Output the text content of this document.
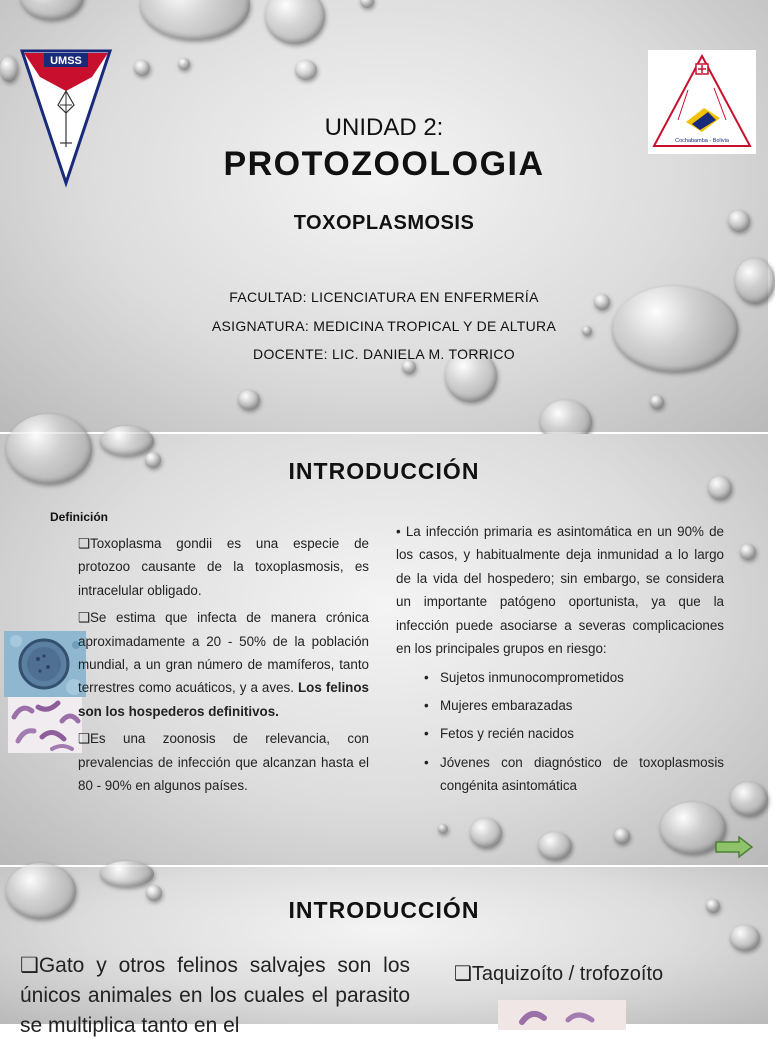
UMSS
Cochabamba - Bolivia
UNIDAD 2:
PROTOZOOLOGIA
TOXOPLASMOSIS
FACULTAD: LICENCIATURA EN ENFERMERÍA
ASIGNATURA: MEDICINA TROPICAL Y DE ALTURA
DOCENTE: LIC. DANIELA M. TORRICO
INTRODUCCIÓN
Definición
❑Toxoplasma gondii es una especie de protozoo causante de la toxoplasmosis, es intracelular obligado.
❑Se estima que infecta de manera crónica aproximadamente a 20 - 50% de la población mundial, a un gran número de mamíferos, tanto terrestres como acuáticos, y a aves. Los felinos son los hospederos definitivos.
❑Es una zoonosis de relevancia, con prevalencias de infección que alcanzan hasta el 80 - 90% en algunos países.
• La infección primaria es asintomática en un 90% de los casos, y habitualmente deja inmunidad a lo largo de la vida del hospedero; sin embargo, se considera un importante patógeno oportunista, ya que la infección puede asociarse a severas complicaciones en los principales grupos en riesgo:
• Sujetos inmunocomprometidos
• Mujeres embarazadas
• Fetos y recién nacidos
• Jóvenes con diagnóstico de toxoplasmosis congénita asintomática
INTRODUCCIÓN
❑Gato y otros felinos salvajes son los únicos animales en los cuales el parasito se multiplica tanto en el
❑Taquizoíto / trofozoíto
